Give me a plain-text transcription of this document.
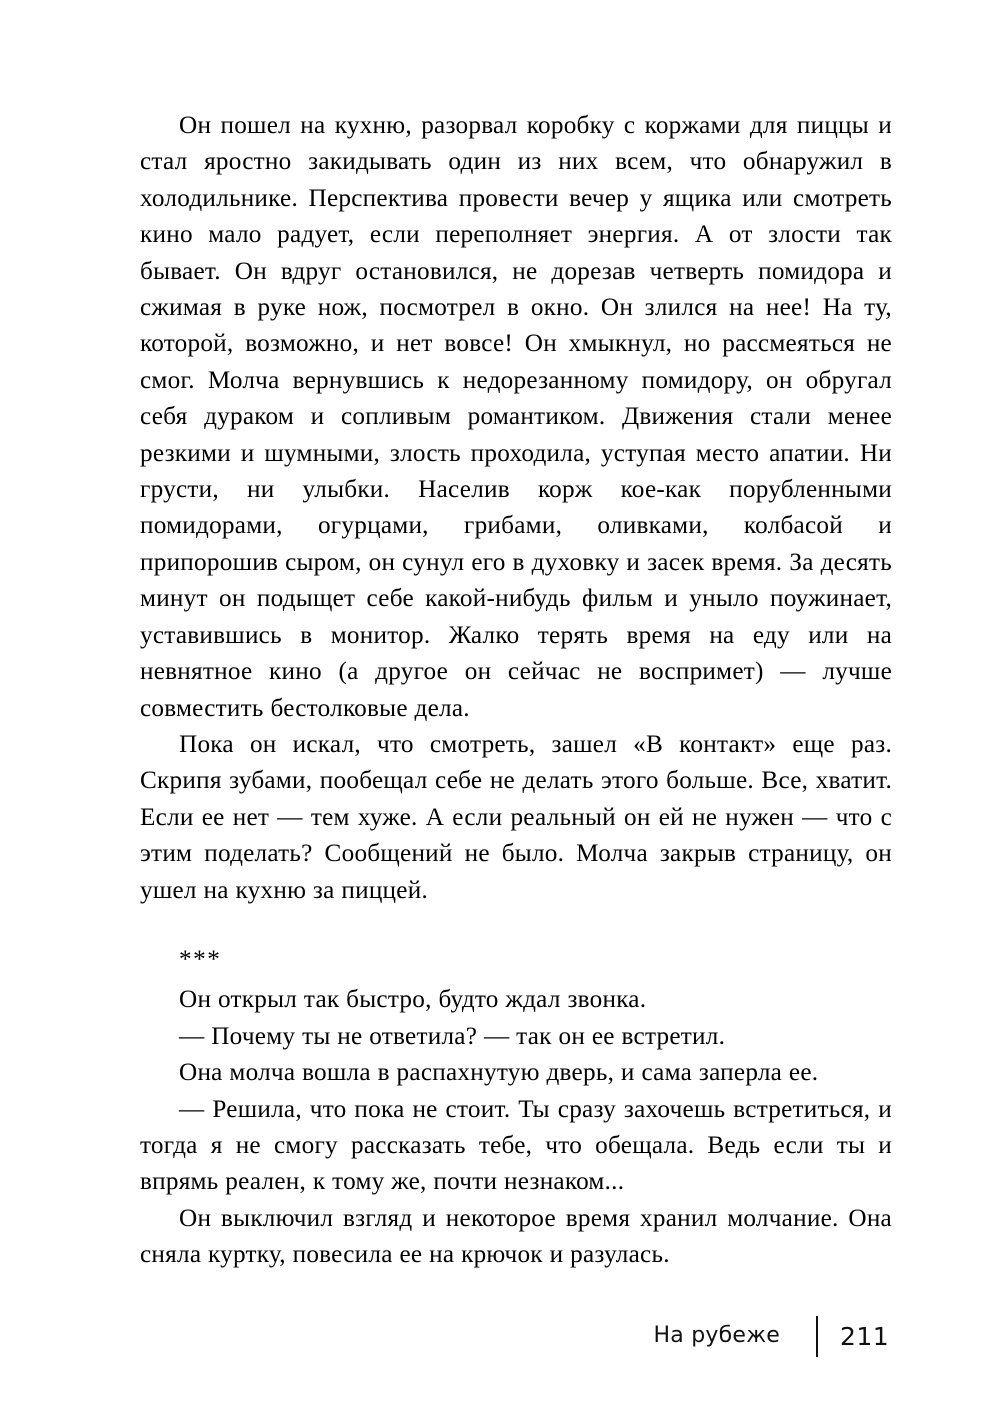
Он пошел на кухню, разорвал коробку с коржами для пиццы и стал яростно закидывать один из них всем, что обнаружил в холодильнике. Перспектива провести вечер у ящика или смотреть кино мало радует, если переполняет энергия. А от злости так бывает. Он вдруг остановился, не дорезав четверть помидора и сжимая в руке нож, посмотрел в окно. Он злился на нее! На ту, которой, возможно, и нет вовсе! Он хмыкнул, но рассмеяться не смог. Молча вернувшись к недорезанному помидору, он обругал себя дураком и сопливым романтиком. Движения стали менее резкими и шумными, злость проходила, уступая место апатии. Ни грусти, ни улыбки. Населив корж кое-как порубленными помидорами, огурцами, грибами, оливками, колбасой и припорошив сыром, он сунул его в духовку и засек время. За десять минут он подыщет себе какой-нибудь фильм и уныло поужинает, уставившись в монитор. Жалко терять время на еду или на невнятное кино (а другое он сейчас не воспримет) — лучше совместить бестолковые дела.

Пока он искал, что смотреть, зашел «В контакт» еще раз. Скрипя зубами, пообещал себе не делать этого больше. Все, хватит. Если ее нет — тем хуже. А если реальный он ей не нужен — что с этим поделать? Сообщений не было. Молча закрыв страницу, он ушел на кухню за пиццей.

***

Он открыл так быстро, будто ждал звонка.

— Почему ты не ответила? — так он ее встретил.

Она молча вошла в распахнутую дверь, и сама заперла ее.

— Решила, что пока не стоит. Ты сразу захочешь встретиться, и тогда я не смогу рассказать тебе, что обещала. Ведь если ты и впрямь реален, к тому же, почти незнаком...

Он выключил взгляд и некоторое время хранил молчание. Она сняла куртку, повесила ее на крючок и разулась.

На рубеже 211
